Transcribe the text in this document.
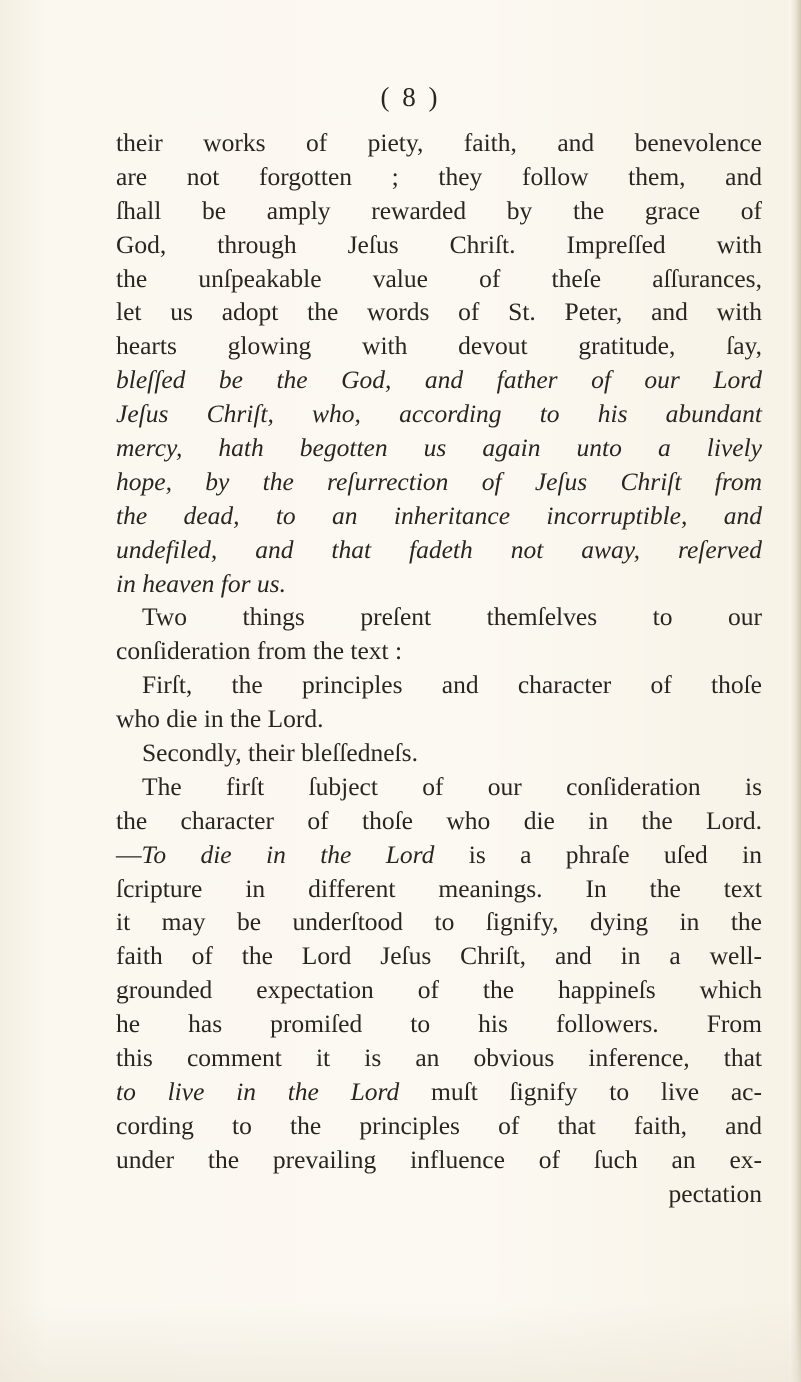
( 8 )
their works of piety, faith, and benevolence
are not forgotten ; they follow them, and
ſhall be amply rewarded by the grace of
God, through Jeſus Chriſt. Impreſſed with
the unſpeakable value of theſe aſſurances,
let us adopt the words of St. Peter, and with
hearts glowing with devout gratitude, ſay,
bleſſed be the God, and father of our Lord
Jeſus Chriſt, who, according to his abundant
mercy, hath begotten us again unto a lively
hope, by the reſurrection of Jeſus Chriſt from
the dead, to an inheritance incorruptible, and
undefiled, and that fadeth not away, reſerved
in heaven for us.
Two things preſent themſelves to our
conſideration from the text :
Firſt, the principles and character of thoſe
who die in the Lord.
Secondly, their bleſſedneſs.
The firſt ſubject of our conſideration is
the character of thoſe who die in the Lord.
—To die in the Lord is a phraſe uſed in
ſcripture in different meanings. In the text
it may be underſtood to ſignify, dying in the
faith of the Lord Jeſus Chriſt, and in a well-
grounded expectation of the happineſs which
he has promiſed to his followers. From
this comment it is an obvious inference, that
to live in the Lord muſt ſignify to live ac-
cording to the principles of that faith, and
under the prevailing influence of ſuch an ex-
pectation
